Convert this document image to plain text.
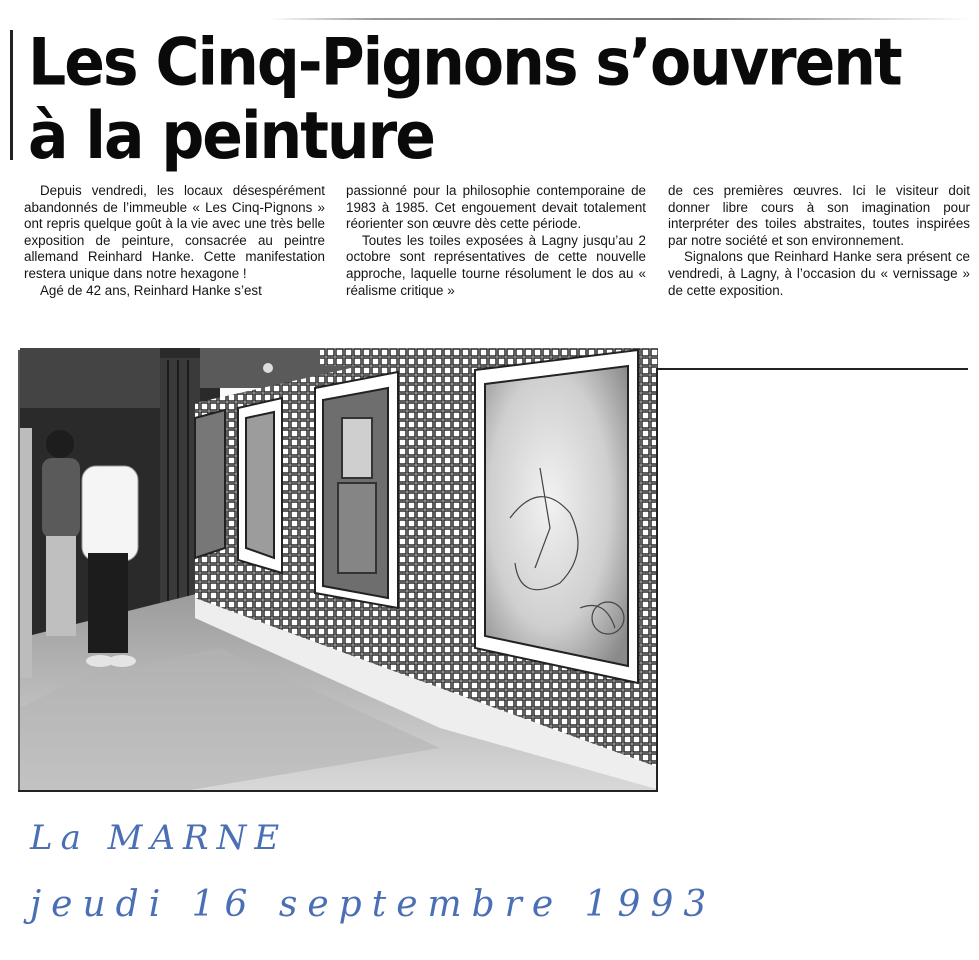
Les Cinq-Pignons s’ouvrent
à la peinture

Depuis vendredi, les locaux désespérément abandonnés de l’immeuble « Les Cinq-Pignons » ont repris quelque goût à la vie avec une très belle exposition de peinture, consacrée au peintre allemand Reinhard Hanke. Cette manifestation restera unique dans notre hexagone !

Agé de 42 ans, Reinhard Hanke s’est

passionné pour la philosophie contemporaine de 1983 à 1985. Cet engouement devait totalement réorienter son œuvre dès cette période.

Toutes les toiles exposées à Lagny jusqu’au 2 octobre sont représentatives de cette nouvelle approche, laquelle tourne résolument le dos au « réalisme critique »

de ces premières œuvres. Ici le visiteur doit donner libre cours à son imagination pour interpréter des toiles abstraites, toutes inspirées par notre société et son environnement.

Signalons que Reinhard Hanke sera présent ce vendredi, à Lagny, à l’occasion du « vernissage » de cette exposition.

La MARNE
jeudi 16 septembre 1993
